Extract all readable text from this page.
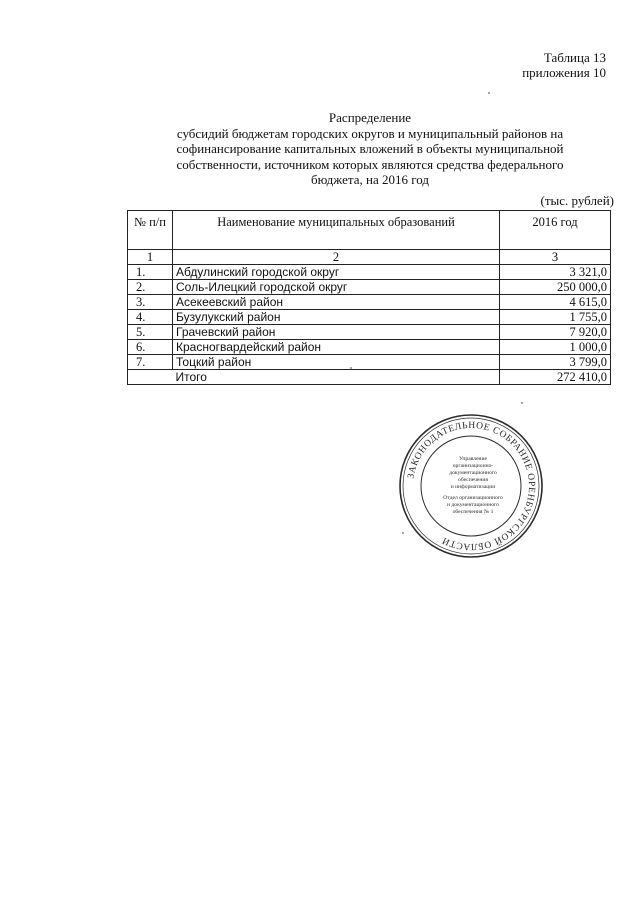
Таблица 13
приложения 10
Распределение
субсидий бюджетам городских округов и муниципальный районов на
софинансирование капитальных вложений в объекты муниципальной
собственности, источником которых являются средства федерального
бюджета, на 2016 год
(тыс. рублей)
№ п/п	Наименование муниципальных образований	2016 год
1	2	3
1.	Абдулинский городской округ	3 321,0
2.	Соль-Илецкий городской округ	250 000,0
3.	Асекеевский район	4 615,0
4.	Бузулукский район	1 755,0
5.	Грачевский район	7 920,0
6.	Красногвардейский район	1 000,0
7.	Тоцкий район	3 799,0
	Итого	272 410,0
ЗАКОНОДАТЕЛЬНОЕ СОБРАНИЕ ОРЕНБУРГСКОЙ ОБЛАСТИ
Управление
организационно-
документационного
обеспечения
и информатизации
Отдел организационного
и документационного
обеспечения № 1
